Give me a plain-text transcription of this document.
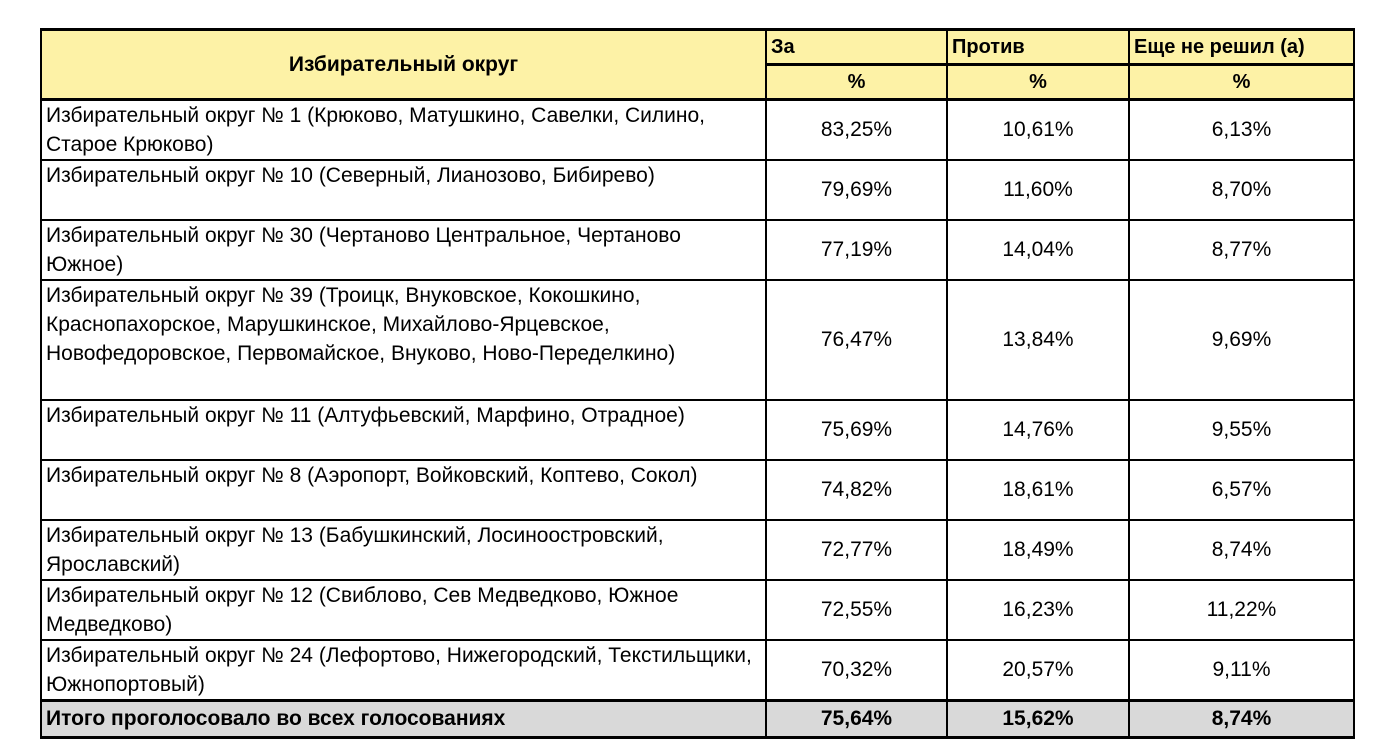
Избирательный округ	За	Против	Еще не решил (а)
	%	%	%
Избирательный округ № 1 (Крюково, Матушкино, Савелки, Силино, Старое Крюково)	83,25%	10,61%	6,13%
Избирательный округ № 10 (Северный, Лианозово, Бибирево)	79,69%	11,60%	8,70%
Избирательный округ № 30 (Чертаново Центральное, Чертаново Южное)	77,19%	14,04%	8,77%
Избирательный округ № 39 (Троицк, Внуковское, Кокошкино, Краснопахорское, Марушкинское, Михайлово-Ярцевское, Новофедоровское, Первомайское, Внуково, Ново-Переделкино)	76,47%	13,84%	9,69%
Избирательный округ № 11 (Алтуфьевский, Марфино, Отрадное)	75,69%	14,76%	9,55%
Избирательный округ № 8 (Аэропорт, Войковский, Коптево, Сокол)	74,82%	18,61%	6,57%
Избирательный округ № 13 (Бабушкинский, Лосиноостровский, Ярославский)	72,77%	18,49%	8,74%
Избирательный округ № 12 (Свиблово, Сев Медведково, Южное Медведково)	72,55%	16,23%	11,22%
Избирательный округ № 24 (Лефортово, Нижегородский, Текстильщики, Южнопортовый)	70,32%	20,57%	9,11%
Итого проголосовало во всех голосованиях	75,64%	15,62%	8,74%
